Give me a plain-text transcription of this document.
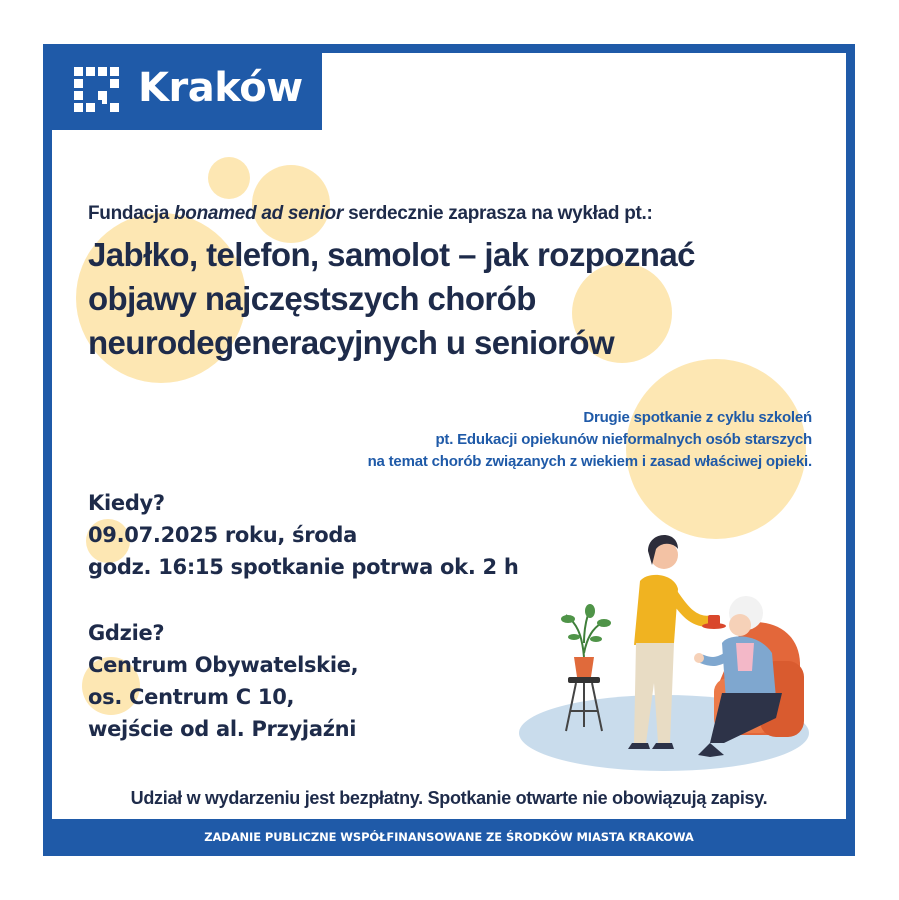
Kraków
Fundacja bonamed ad senior serdecznie zaprasza na wykład pt.:
Jabłko, telefon, samolot – jak rozpoznać
objawy najczęstszych chorób
neurodegeneracyjnych u seniorów
Drugie spotkanie z cyklu szkoleń
pt. Edukacji opiekunów nieformalnych osób starszych
na temat chorób związanych z wiekiem i zasad właściwej opieki.
Kiedy?
09.07.2025 roku, środa
godz. 16:15 spotkanie potrwa ok. 2 h
Gdzie?
Centrum Obywatelskie,
os. Centrum C 10,
wejście od al. Przyjaźni
Udział w wydarzeniu jest bezpłatny. Spotkanie otwarte nie obowiązują zapisy.
ZADANIE PUBLICZNE WSPÓŁFINANSOWANE ZE ŚRODKÓW MIASTA KRAKOWA
